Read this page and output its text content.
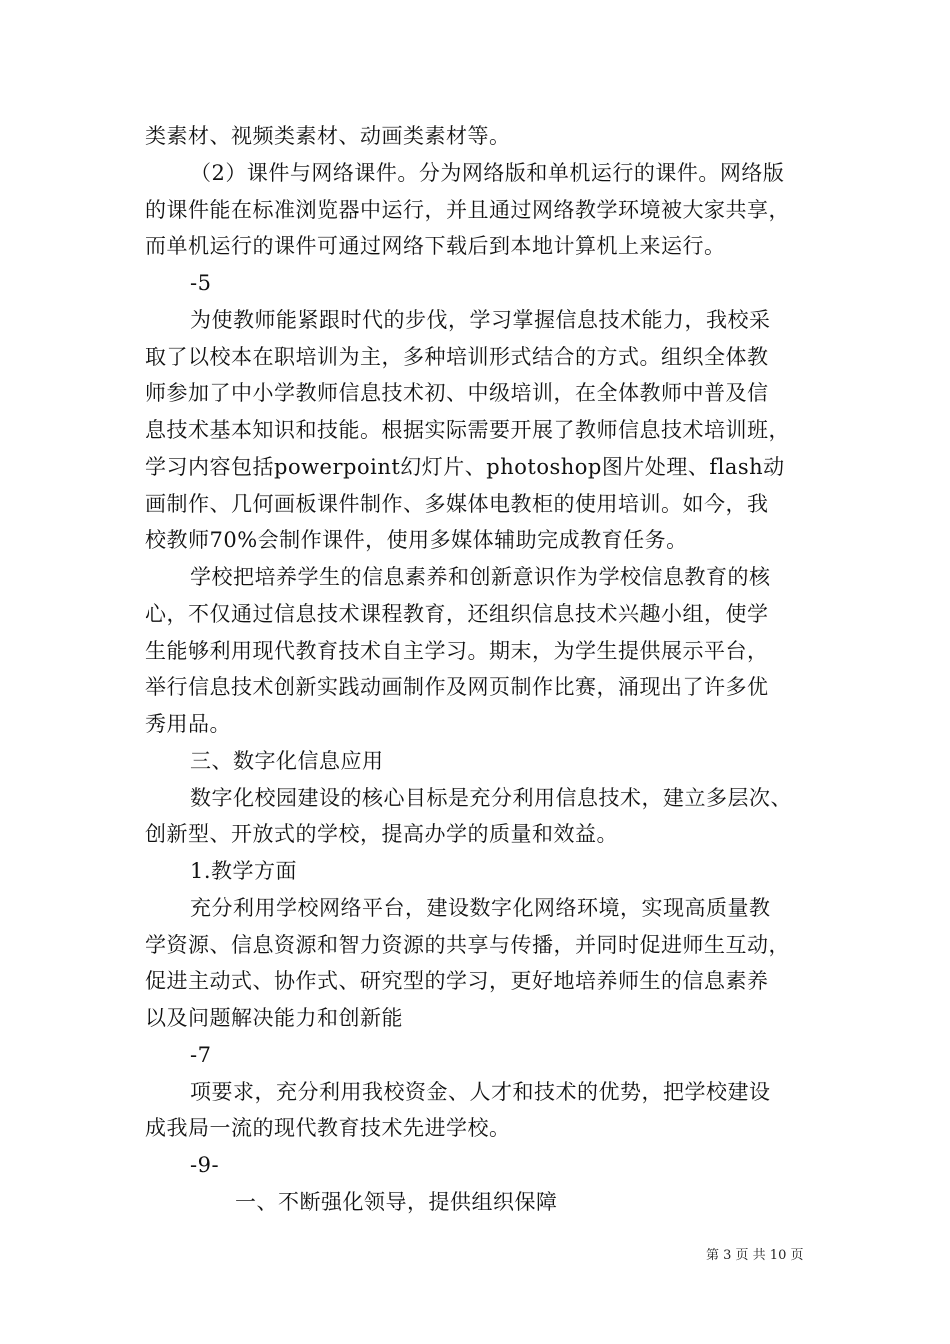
类素材、视频类素材、动画类素材等。
（2）课件与网络课件。分为网络版和单机运行的课件。网络版
的课件能在标准浏览器中运行，并且通过网络教学环境被大家共享，
而单机运行的课件可通过网络下载后到本地计算机上来运行。
-5
为使教师能紧跟时代的步伐，学习掌握信息技术能力，我校采
取了以校本在职培训为主，多种培训形式结合的方式。组织全体教
师参加了中小学教师信息技术初、中级培训，在全体教师中普及信
息技术基本知识和技能。根据实际需要开展了教师信息技术培训班，
学习内容包括powerpoint幻灯片、photoshop图片处理、flash动
画制作、几何画板课件制作、多媒体电教柜的使用培训。如今，我
校教师70%会制作课件，使用多媒体辅助完成教育任务。
学校把培养学生的信息素养和创新意识作为学校信息教育的核
心，不仅通过信息技术课程教育，还组织信息技术兴趣小组，使学
生能够利用现代教育技术自主学习。期末，为学生提供展示平台，
举行信息技术创新实践动画制作及网页制作比赛，涌现出了许多优
秀用品。
三、数字化信息应用
数字化校园建设的核心目标是充分利用信息技术，建立多层次、
创新型、开放式的学校，提高办学的质量和效益。
1.教学方面
充分利用学校网络平台，建设数字化网络环境，实现高质量教
学资源、信息资源和智力资源的共享与传播，并同时促进师生互动，
促进主动式、协作式、研究型的学习，更好地培养师生的信息素养
以及问题解决能力和创新能
-7
项要求，充分利用我校资金、人才和技术的优势，把学校建设
成我局一流的现代教育技术先进学校。
-9-
一、不断强化领导，提供组织保障
第 3 页 共 10 页
